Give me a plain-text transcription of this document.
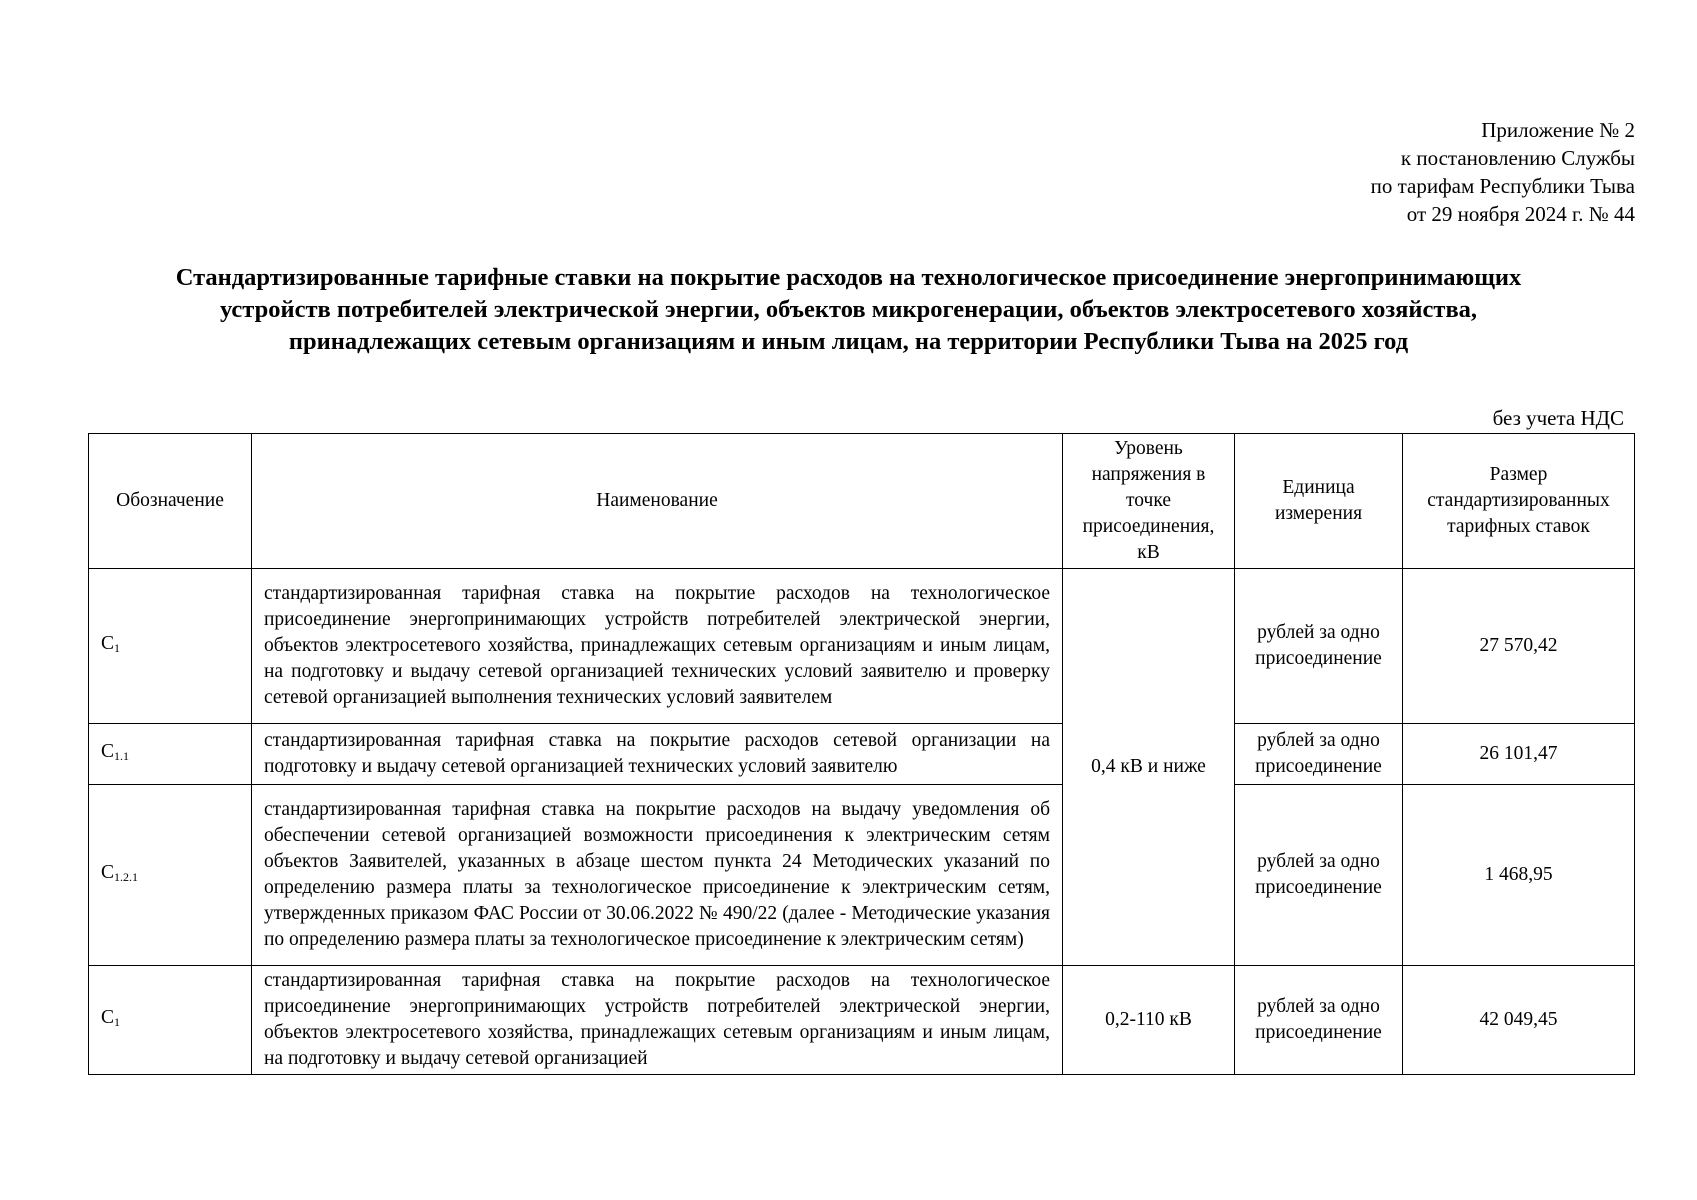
Приложение № 2
к постановлению Службы
по тарифам Республики Тыва
от 29 ноября 2024 г. № 44
Стандартизированные тарифные ставки на покрытие расходов на технологическое присоединение энергопринимающих
устройств потребителей электрической энергии, объектов микрогенерации, объектов электросетевого хозяйства,
принадлежащих сетевым организациям и иным лицам, на территории Республики Тыва на 2025 год
без учета НДС
Обозначение	Наименование	Уровень напряжения в точке присоединения, кВ	Единица измерения	Размер стандартизированных тарифных ставок
$C_1$	стандартизированная тарифная ставка на покрытие расходов на технологическое присоединение энергопринимающих устройств потребителей электрической энергии, объектов электросетевого хозяйства, принадлежащих сетевым организациям и иным лицам, на подготовку и выдачу сетевой организацией технических условий заявителю и проверку сетевой организацией выполнения технических условий заявителем	0,4 кВ и ниже	рублей за одно присоединение	27 570,42
$C_{1.1}$	стандартизированная тарифная ставка на покрытие расходов сетевой организации на подготовку и выдачу сетевой организацией технических условий заявителю		рублей за одно присоединение	26 101,47
$C_{1.2.1}$	стандартизированная тарифная ставка на покрытие расходов на выдачу уведомления об обеспечении сетевой организацией возможности присоединения к электрическим сетям объектов Заявителей, указанных в абзаце шестом пункта 24 Методических указаний по определению размера платы за технологическое присоединение к электрическим сетям, утвержденных приказом ФАС России от 30.06.2022 № 490/22 (далее - Методические указания по определению размера платы за технологическое присоединение к электрическим сетям)		рублей за одно присоединение	1 468,95
$C_1$	стандартизированная тарифная ставка на покрытие расходов на технологическое присоединение энергопринимающих устройств потребителей электрической энергии, объектов электросетевого хозяйства, принадлежащих сетевым организациям и иным лицам, на подготовку и выдачу сетевой организацией	0,2-110 кВ	рублей за одно присоединение	42 049,45
